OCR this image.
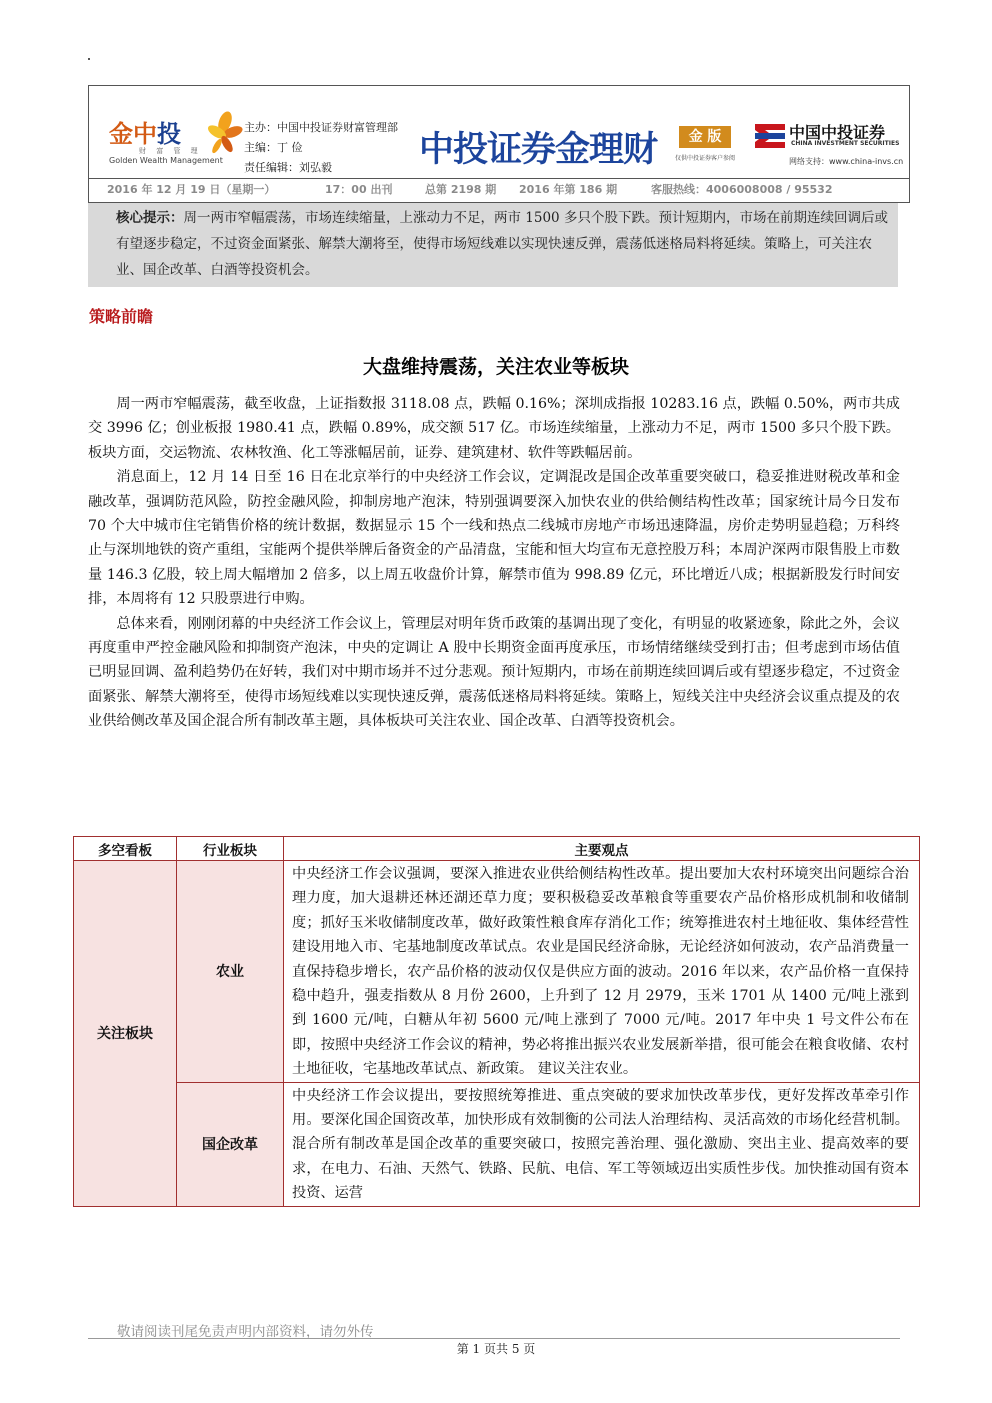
金中投
财 富 管 理
Golden Wealth Management
主办：中国中投证券财富管理部
主编：丁 俭
责任编辑：刘弘毅	中投证券金理财	金 版
仅供中投证券客户参阅
中国中投证券
CHINA INVESTMENT SECURITIES
网络支持：www.china-invs.cn
2016 年 12 月 19 日（星期一）	17：00 出刊	总第 2198 期 2016 年第 186 期	客服热线：4006008008 / 95532
核心提示：周一两市窄幅震荡，市场连续缩量，上涨动力不足，两市 1500 多只个股下跌。预计短期内，市场在前期连续回调后或有望逐步稳定，不过资金面紧张、解禁大潮将至，使得市场短线难以实现快速反弹，震荡低迷格局料将延续。策略上，可关注农业、国企改革、白酒等投资机会。
策略前瞻
大盘维持震荡，关注农业等板块

周一两市窄幅震荡，截至收盘，上证指数报 3118.08 点，跌幅 0.16%；深圳成指报 10283.16 点，跌幅 0.50%，两市共成交 3996 亿；创业板报 1980.41 点，跌幅 0.89%，成交额 517 亿。市场连续缩量，上涨动力不足，两市 1500 多只个股下跌。板块方面，交运物流、农林牧渔、化工等涨幅居前，证券、建筑建材、软件等跌幅居前。

消息面上，12 月 14 日至 16 日在北京举行的中央经济工作会议，定调混改是国企改革重要突破口，稳妥推进财税改革和金融改革，强调防范风险，防控金融风险，抑制房地产泡沫，特别强调要深入加快农业的供给侧结构性改革；国家统计局今日发布 70 个大中城市住宅销售价格的统计数据，数据显示 15 个一线和热点二线城市房地产市场迅速降温，房价走势明显趋稳；万科终止与深圳地铁的资产重组，宝能两个提供举牌后备资金的产品清盘，宝能和恒大均宣布无意控股万科；本周沪深两市限售股上市数量 146.3 亿股，较上周大幅增加 2 倍多，以上周五收盘价计算，解禁市值为 998.89 亿元，环比增近八成；根据新股发行时间安排，本周将有 12 只股票进行申购。

总体来看，刚刚闭幕的中央经济工作会议上，管理层对明年货币政策的基调出现了变化，有明显的收紧迹象，除此之外，会议再度重申严控金融风险和抑制资产泡沫，中央的定调让 A 股中长期资金面再度承压，市场情绪继续受到打击；但考虑到市场估值已明显回调、盈利趋势仍在好转，我们对中期市场并不过分悲观。预计短期内，市场在前期连续回调后或有望逐步稳定，不过资金面紧张、解禁大潮将至，使得市场短线难以实现快速反弹，震荡低迷格局料将延续。策略上，短线关注中央经济会议重点提及的农业供给侧改革及国企混合所有制改革主题，具体板块可关注农业、国企改革、白酒等投资机会。

多空看板	行业板块	主要观点
关注板块	农业	中央经济工作会议强调，要深入推进农业供给侧结构性改革。提出要加大农村环境突出问题综合治理力度，加大退耕还林还湖还草力度；要积极稳妥改革粮食等重要农产品价格形成机制和收储制度；抓好玉米收储制度改革，做好政策性粮食库存消化工作；统筹推进农村土地征收、集体经营性建设用地入市、宅基地制度改革试点。农业是国民经济命脉，无论经济如何波动，农产品消费量一直保持稳步增长，农产品价格的波动仅仅是供应方面的波动。2016 年以来，农产品价格一直保持稳中趋升，强麦指数从 8 月份 2600，上升到了 12 月 2979，玉米 1701 从 1400 元/吨上涨到到 1600 元/吨，白糖从年初 5600 元/吨上涨到了 7000 元/吨。2017 年中央 1 号文件公布在即，按照中央经济工作会议的精神，势必将推出振兴农业发展新举措，很可能会在粮食收储、农村土地征收，宅基地改革试点、新政策。 建议关注农业。
	国企改革	中央经济工作会议提出，要按照统筹推进、重点突破的要求加快改革步伐，更好发挥改革牵引作用。要深化国企国资改革，加快形成有效制衡的公司法人治理结构、灵活高效的市场化经营机制。混合所有制改革是国企改革的重要突破口，按照完善治理、强化激励、突出主业、提高效率的要求，在电力、石油、天然气、铁路、民航、电信、军工等领域迈出实质性步伐。加快推动国有资本投资、运营
敬请阅读刊尾免责声明内部资料，请勿外传
第 1 页共 5 页
